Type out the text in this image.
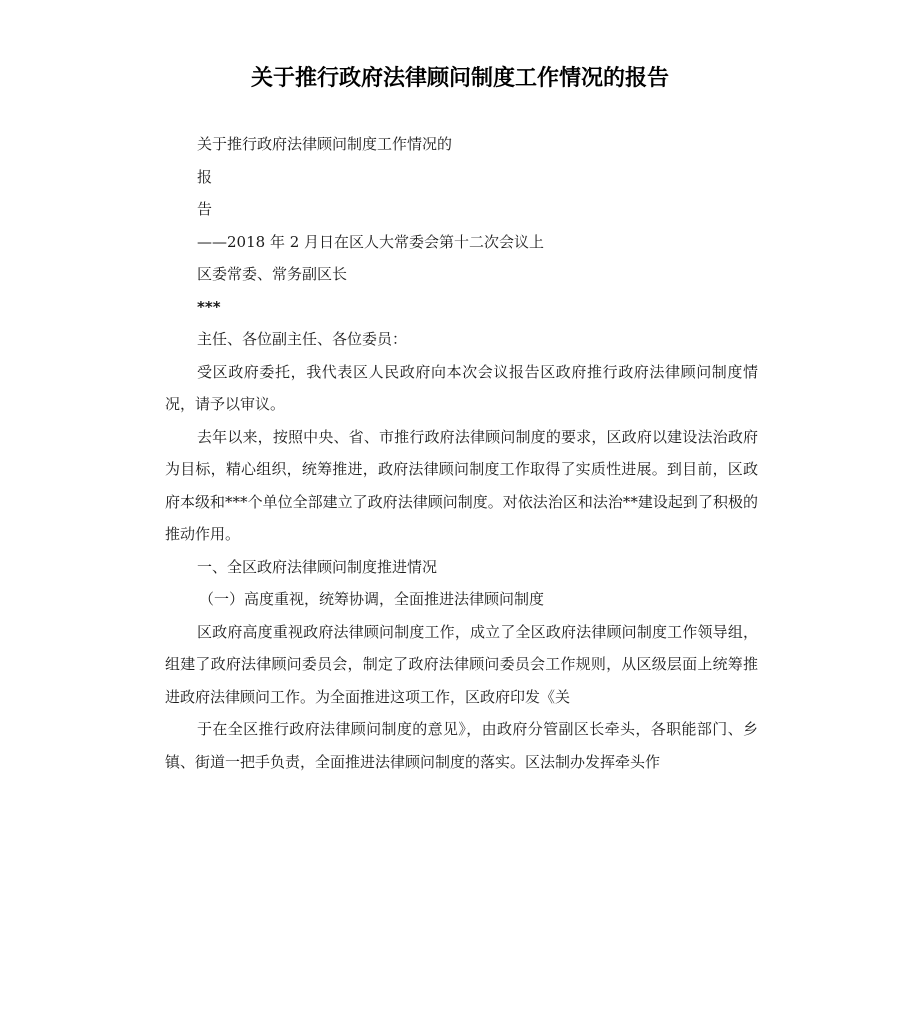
关于推行政府法律顾问制度工作情况的报告

关于推行政府法律顾问制度工作情况的

报

告

——2018 年 2 月日在区人大常委会第十二次会议上

区委常委、常务副区长

***

主任、各位副主任、各位委员：

受区政府委托，我代表区人民政府向本次会议报告区政府推行政府法律顾问制度情况，请予以审议。

去年以来，按照中央、省、市推行政府法律顾问制度的要求，区政府以建设法治政府为目标，精心组织，统筹推进，政府法律顾问制度工作取得了实质性进展。到目前，区政府本级和***个单位全部建立了政府法律顾问制度。对依法治区和法治**建设起到了积极的推动作用。

一、全区政府法律顾问制度推进情况

（一）高度重视，统筹协调，全面推进法律顾问制度

区政府高度重视政府法律顾问制度工作，成立了全区政府法律顾问制度工作领导组，组建了政府法律顾问委员会，制定了政府法律顾问委员会工作规则，从区级层面上统筹推进政府法律顾问工作。为全面推进这项工作，区政府印发《关

于在全区推行政府法律顾问制度的意见》，由政府分管副区长牵头，各职能部门、乡镇、街道一把手负责，全面推进法律顾问制度的落实。区法制办发挥牵头作
